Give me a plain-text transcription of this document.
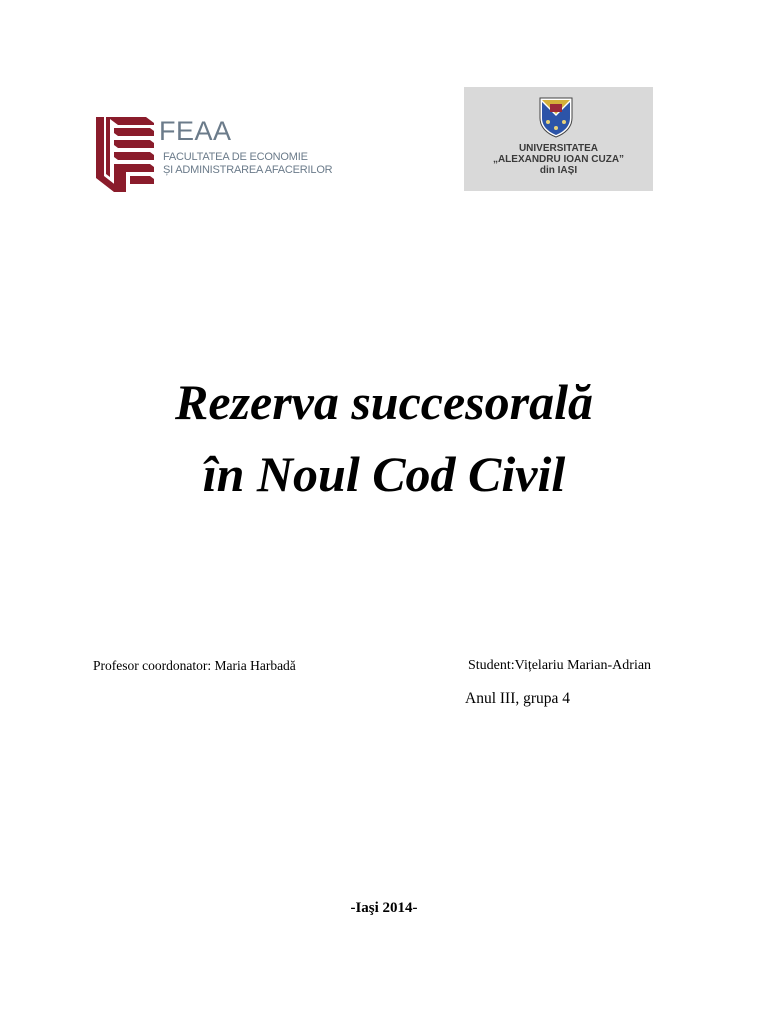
FEAA
FACULTATEA DE ECONOMIE
ȘI ADMINISTRAREA AFACERILOR
UNIVERSITATEA
„ALEXANDRU IOAN CUZA”
din IAȘI
Rezerva succesorală
în Noul Cod Civil
Profesor coordonator: Maria Harbadă	Student:Vițelariu Marian-Adrian
Anul III, grupa 4
-Iaşi 2014-
